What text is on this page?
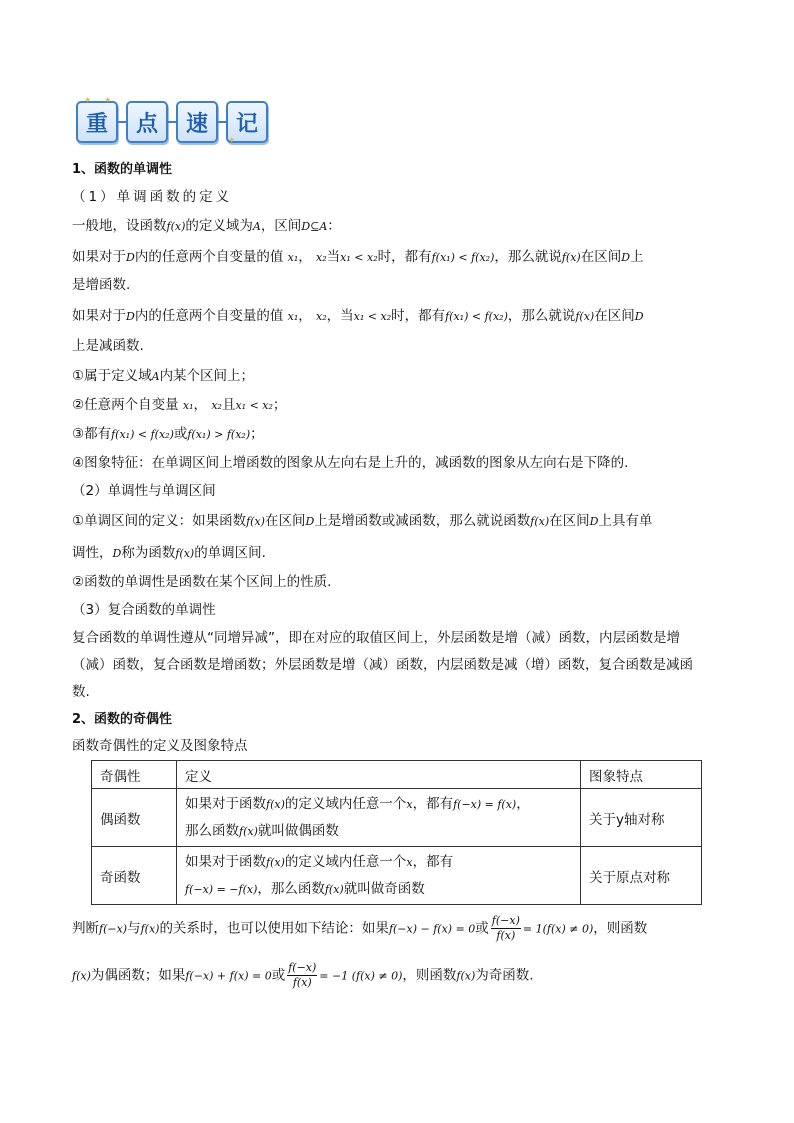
重	点	速	记
✦ ✦
✦
1、函数的单调性
（1）单调函数的定义
一般地，设函数f(x)的定义域为A，区间D⊆A：
如果对于D内的任意两个自变量的值 x₁， x₂当x₁ < x₂时，都有f(x₁) < f(x₂)，那么就说f(x)在区间D上
是增函数.
如果对于D内的任意两个自变量的值 x₁， x₂，当x₁ < x₂时，都有f(x₁) < f(x₂)，那么就说f(x)在区间D
上是减函数.
①属于定义域A内某个区间上；
②任意两个自变量 x₁， x₂且x₁ < x₂；
③都有f(x₁) < f(x₂)或f(x₁) > f(x₂)；
④图象特征：在单调区间上增函数的图象从左向右是上升的，减函数的图象从左向右是下降的.
（2）单调性与单调区间
①单调区间的定义：如果函数f(x)在区间D上是增函数或减函数，那么就说函数f(x)在区间D上具有单
调性，D称为函数f(x)的单调区间.
②函数的单调性是函数在某个区间上的性质.
（3）复合函数的单调性
复合函数的单调性遵从“同增异减”，即在对应的取值区间上，外层函数是增（减）函数，内层函数是增
（减）函数，复合函数是增函数；外层函数是增（减）函数，内层函数是减（增）函数，复合函数是减函
数.
2、函数的奇偶性
函数奇偶性的定义及图象特点
奇偶性	定义	图象特点
偶函数	如果对于函数f(x)的定义域内任意一个x，都有f(−x) = f(x)，
那么函数f(x)就叫做偶函数	关于y轴对称
奇函数	如果对于函数f(x)的定义域内任意一个x，都有
f(−x) = −f(x)，那么函数f(x)就叫做奇函数	关于原点对称
判断f(−x)与f(x)的关系时，也可以使用如下结论：如果f(−x) − f(x) = 0或 $\frac{f(-x)}{f(x)} = 1(f(x) \ne 0)$，则函数
f(x)为偶函数；如果f(−x) + f(x) = 0或 $\frac{f(-x)}{f(x)} = -1$ (f(x) ≠ 0)，则函数f(x)为奇函数.
